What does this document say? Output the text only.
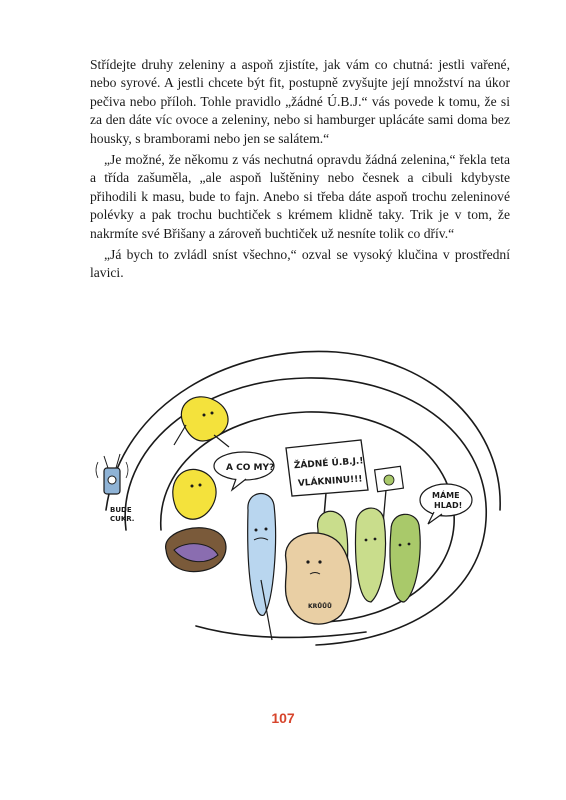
Střídejte druhy zeleniny a aspoň zjistíte, jak vám co chutná: jestli vařené, nebo syrové. A jestli chcete být fit, postupně zvyšujte její množství na úkor pečiva nebo příloh. Tohle pravidlo „žádné Ú.B.J.“ vás povede k tomu, že si za den dáte víc ovoce a zeleniny, nebo si hamburger uplácáte sami doma bez housky, s bramborami nebo jen se salátem.“

„Je možné, že někomu z vás nechutná opravdu žádná zelenina,“ řekla teta a třída zašuměla, „ale aspoň luštěniny nebo česnek a cibuli kdybyste přihodili k masu, bude to fajn. Anebo si třeba dáte aspoň trochu zeleninové polévky a pak trochu buchtiček s krémem klidně taky. Trik je v tom, že nakrmíte své Břišany a zároveň buchtiček už nesníte tolik co dřív.“

„Já bych to zvládl sníst všechno,“ ozval se vysoký klučina v prostřední lavici.

BUDE
CUKR.
A CO MY? ŽÁDNÉ Ú.B.J.!
VLÁKNINU!!!
MÁME
HLAD!
KRŮŮŮ
107
